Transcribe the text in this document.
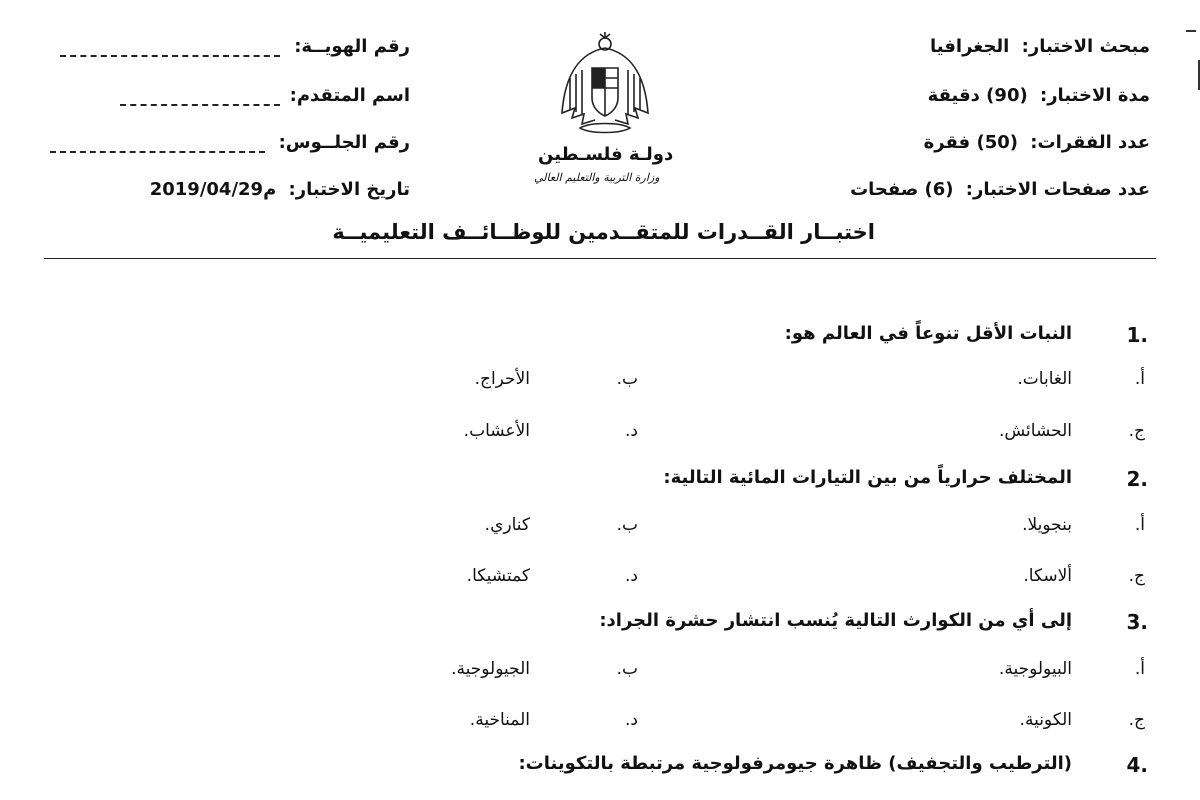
مبحث الاختبار: الجغرافيا
مدة الاختبار: (90) دقيقة
عدد الفقرات: (50) فقرة
عدد صفحات الاختبار: (6) صفحات
رقم الهويــة:
اسم المتقدم:
رقم الجلــوس:
تاريخ الاختبار: 2019/04/29م
دولـة فلسـطين
وزارة التربية والتعليم العالي
اختبــار القــدرات للمتقــدمين للوظــائــف التعليميــة
1.
النبات الأقل تنوعاً في العالم هو:
أ.
الغابات.
ب.
الأحراج.
ج.
الحشائش.
د.
الأعشاب.
2.
المختلف حرارياً من بين التيارات المائية التالية:
أ.
بنجويلا.
ب.
كناري.
ج.
ألاسكا.
د.
كمتشيكا.
3.
إلى أي من الكوارث التالية يُنسب انتشار حشرة الجراد:
أ.
البيولوجية.
ب.
الجيولوجية.
ج.
الكونية.
د.
المناخية.
4.
(الترطيب والتجفيف) ظاهرة جيومرفولوجية مرتبطة بالتكوينات:
